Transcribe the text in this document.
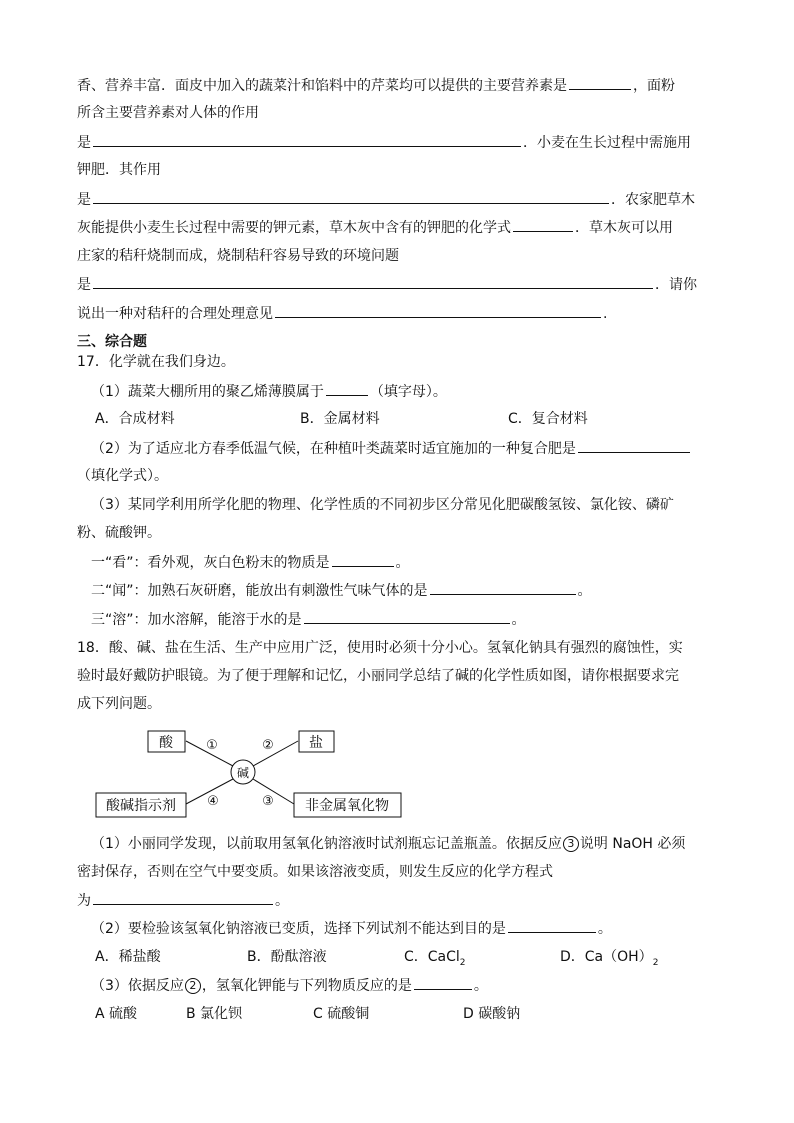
香、营养丰富．面皮中加入的蔬菜汁和馅料中的芹菜均可以提供的主要营养素是	，面粉
所含主要营养素对人体的作用
是	．小麦在生长过程中需施用
钾肥．其作用
是	．农家肥草木
灰能提供小麦生长过程中需要的钾元素，草木灰中含有的钾肥的化学式	．草木灰可以用
庄家的秸秆烧制而成，烧制秸秆容易导致的环境问题
是	．请你
说出一种对秸秆的合理处理意见	.
三、综合题
17．化学就在我们身边。
（1）蔬菜大棚所用的聚乙烯薄膜属于	（填字母）。
A．合成材料	B．金属材料	C．复合材料
（2）为了适应北方春季低温气候，在种植叶类蔬菜时适宜施加的一种复合肥是
（填化学式）。
（3）某同学利用所学化肥的物理、化学性质的不同初步区分常见化肥碳酸氢铵、氯化铵、磷矿
粉、硫酸钾。
一“看”：看外观，灰白色粉末的物质是	。
二“闻”：加熟石灰研磨，能放出有刺激性气味气体的是	。
三“溶”：加水溶解，能溶于水的是	。
18．酸、碱、盐在生活、生产中应用广泛，使用时必须十分小心。氢氧化钠具有强烈的腐蚀性，实
验时最好戴防护眼镜。为了便于理解和记忆，小丽同学总结了碱的化学性质如图，请你根据要求完
成下列问题。
酸	盐
酸碱指示剂	非金属氧化物
碱
①	②
③
④
（1）小丽同学发现，以前取用氢氧化钠溶液时试剂瓶忘记盖瓶盖。依据反应 3 说明 NaOH 必须
密封保存，否则在空气中要变质。如果该溶液变质，则发生反应的化学方程式
为	。
（2）要检验该氢氧化钠溶液已变质，选择下列试剂不能达到目的是	。
A．稀盐酸	B．酚酞溶液	C．CaCl$_2$	D．$Ca(OH)_2$
（3）依据反应 2 ，氢氧化钾能与下列物质反应的是	。
A 硫酸	B 氯化钡	C 硫酸铜	D 碳酸钠
